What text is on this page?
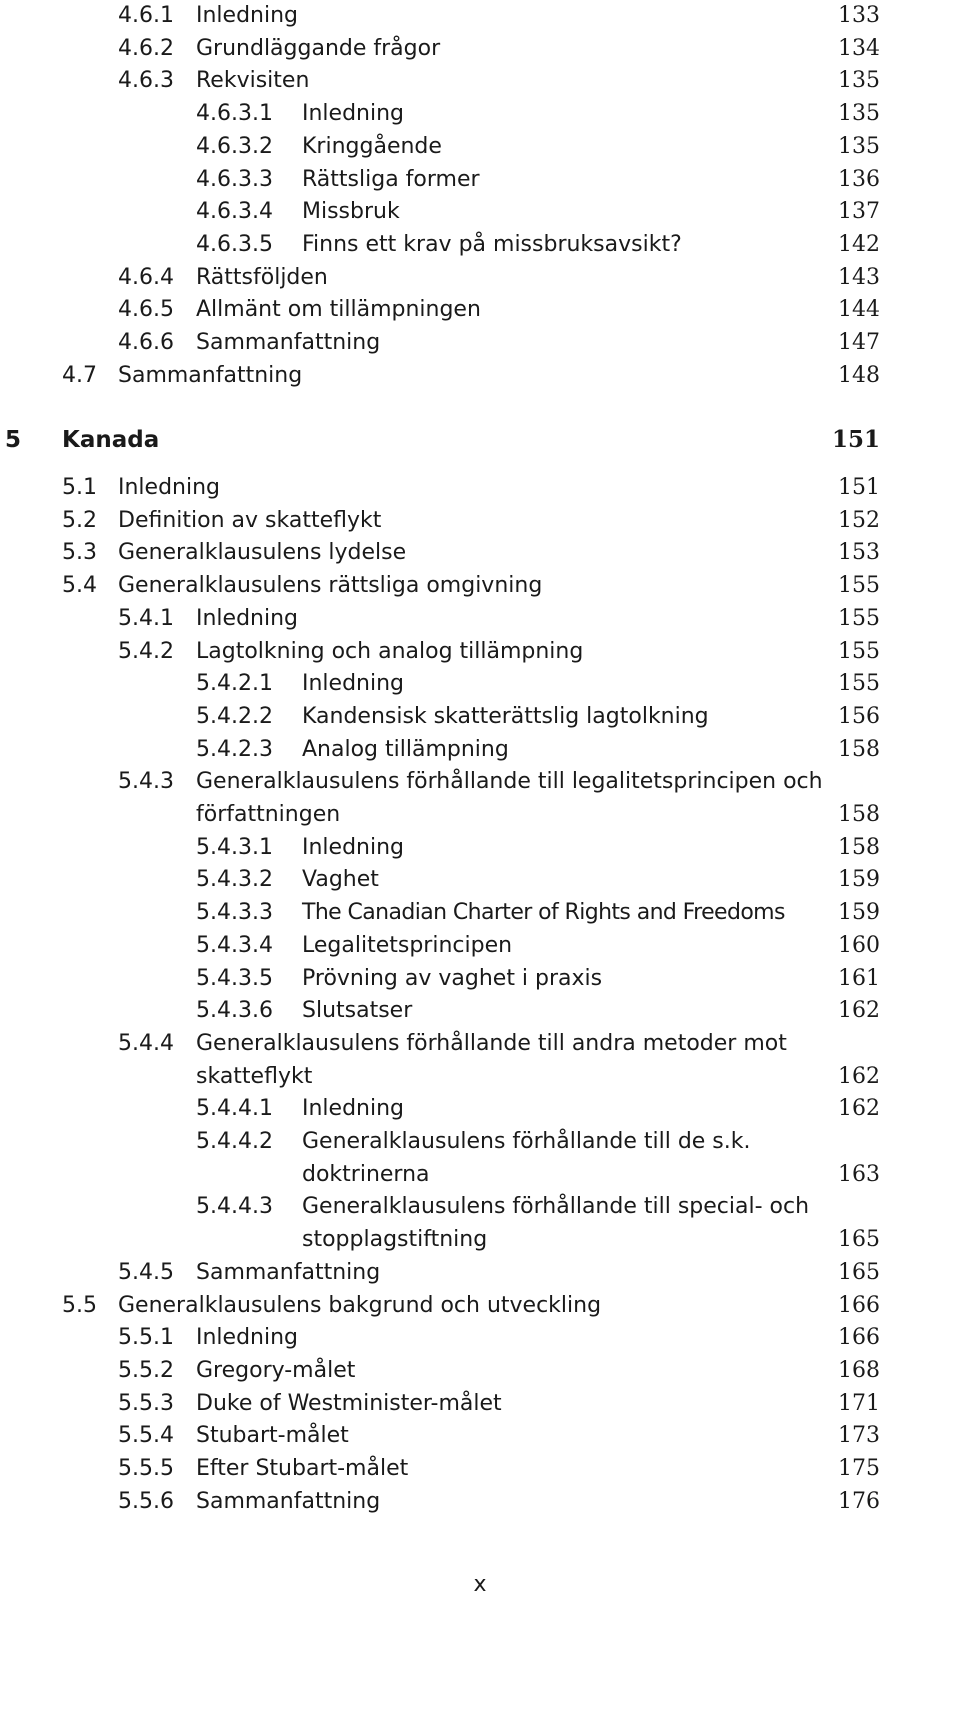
4.6.1 Inledning	133
4.6.2 Grundläggande frågor	134
4.6.3 Rekvisiten	135
4.6.3.1 Inledning	135
4.6.3.2 Kringgående	135
4.6.3.3 Rättsliga former	136
4.6.3.4 Missbruk	137
4.6.3.5 Finns ett krav på missbruksavsikt?	142
4.6.4 Rättsföljden	143
4.6.5 Allmänt om tillämpningen	144
4.6.6 Sammanfattning	147
4.7 Sammanfattning	148
5 Kanada	151
5.1 Inledning	151
5.2 Definition av skatteflykt	152
5.3 Generalklausulens lydelse	153
5.4 Generalklausulens rättsliga omgivning	155
5.4.1 Inledning	155
5.4.2 Lagtolkning och analog tillämpning	155
5.4.2.1 Inledning	155
5.4.2.2 Kandensisk skatterättslig lagtolkning	156
5.4.2.3 Analog tillämpning	158
5.4.3 Generalklausulens förhållande till legalitetsprincipen och
författningen	158
5.4.3.1 Inledning	158
5.4.3.2 Vaghet	159
5.4.3.3 The Canadian Charter of Rights and Freedoms 159
5.4.3.4 Legalitetsprincipen	160
5.4.3.5 Prövning av vaghet i praxis	161
5.4.3.6 Slutsatser	162
5.4.4 Generalklausulens förhållande till andra metoder mot
skatteflykt	162
5.4.4.1 Inledning	162
5.4.4.2 Generalklausulens förhållande till de s.k.
doktrinerna	163
5.4.4.3 Generalklausulens förhållande till special- och
stopplagstiftning	165
5.4.5 Sammanfattning	165
5.5 Generalklausulens bakgrund och utveckling	166
5.5.1 Inledning	166
5.5.2 Gregory-målet	168
5.5.3 Duke of Westminister-målet	171
5.5.4 Stubart-målet	173
5.5.5 Efter Stubart-målet	175
5.5.6 Sammanfattning	176
x
